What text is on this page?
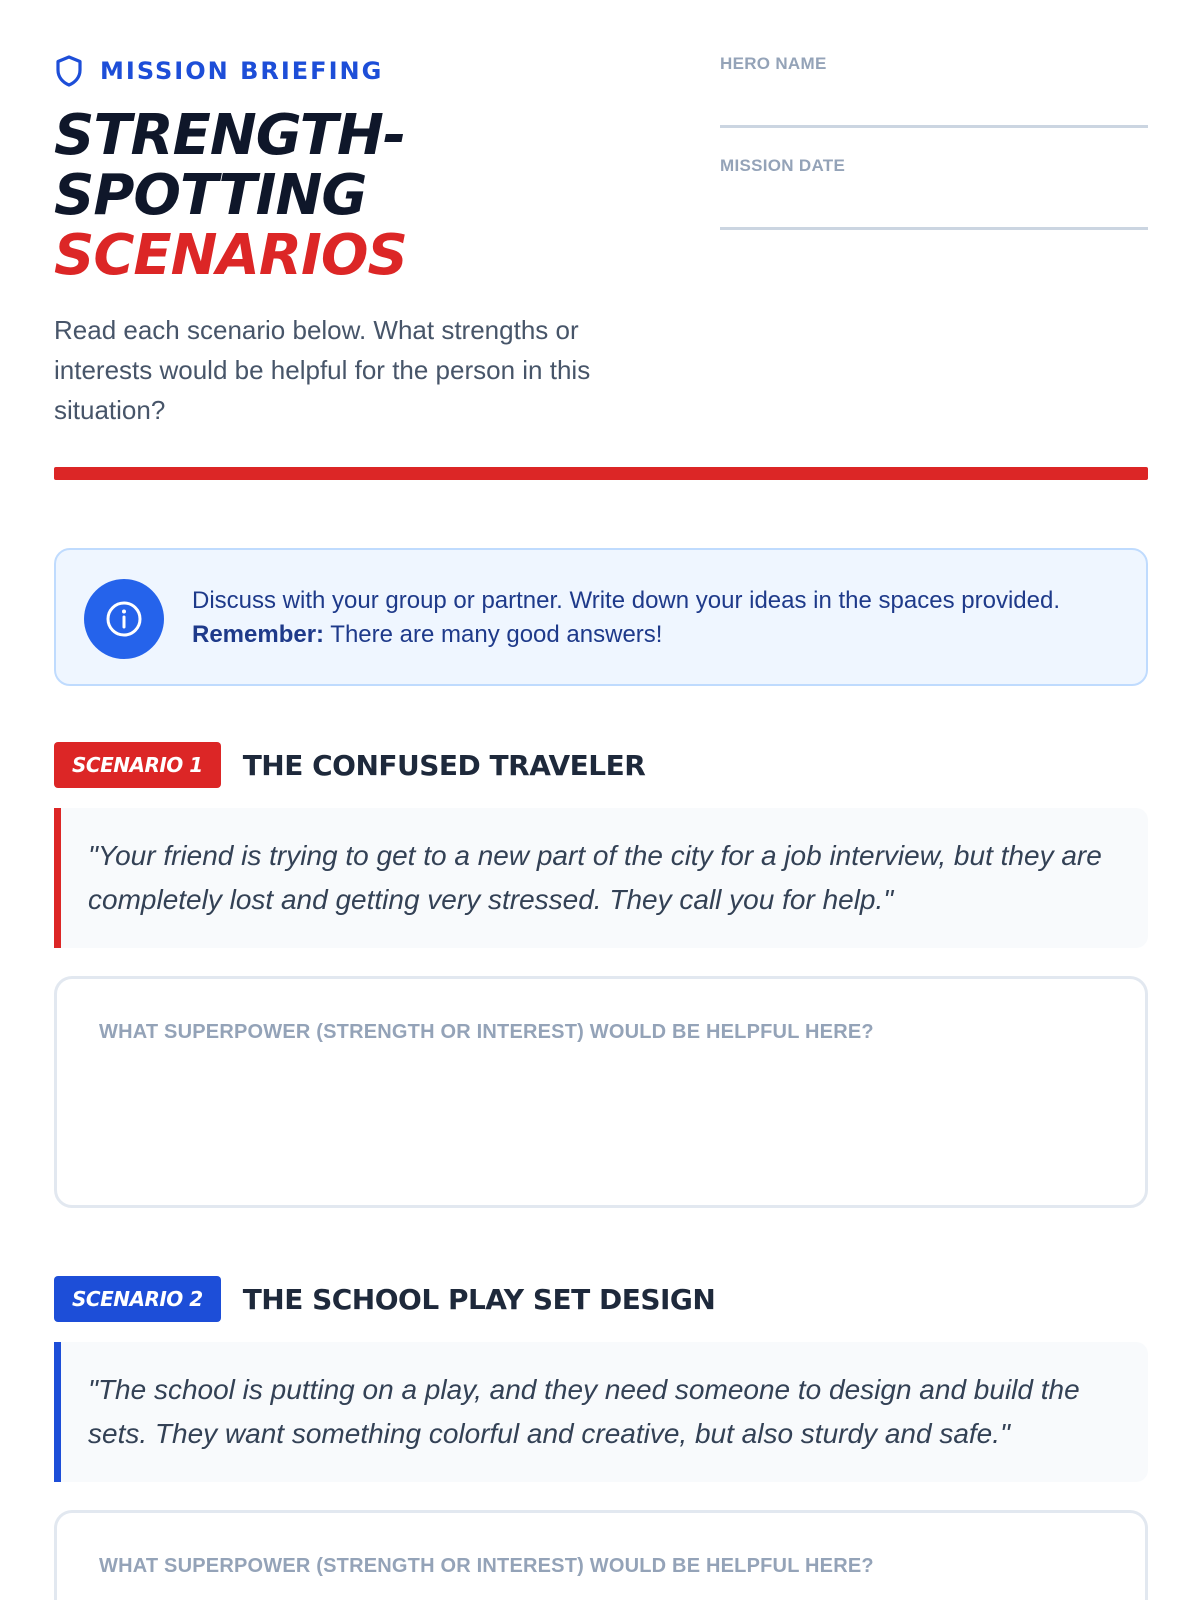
MISSION BRIEFING
STRENGTH-
SPOTTING
SCENARIOS

Read each scenario below. What strengths or interests would be helpful for the person in this situation?

HERO NAME
MISSION DATE
Discuss with your group or partner. Write down your ideas in the spaces provided.
Remember: There are many good answers!
SCENARIO 1	THE CONFUSED TRAVELER
"Your friend is trying to get to a new part of the city for a job interview, but they are completely lost and getting very stressed. They call you for help."
WHAT SUPERPOWER (STRENGTH OR INTEREST) WOULD BE HELPFUL HERE?
SCENARIO 2	THE SCHOOL PLAY SET DESIGN
"The school is putting on a play, and they need someone to design and build the sets. They want something colorful and creative, but also sturdy and safe."
WHAT SUPERPOWER (STRENGTH OR INTEREST) WOULD BE HELPFUL HERE?
